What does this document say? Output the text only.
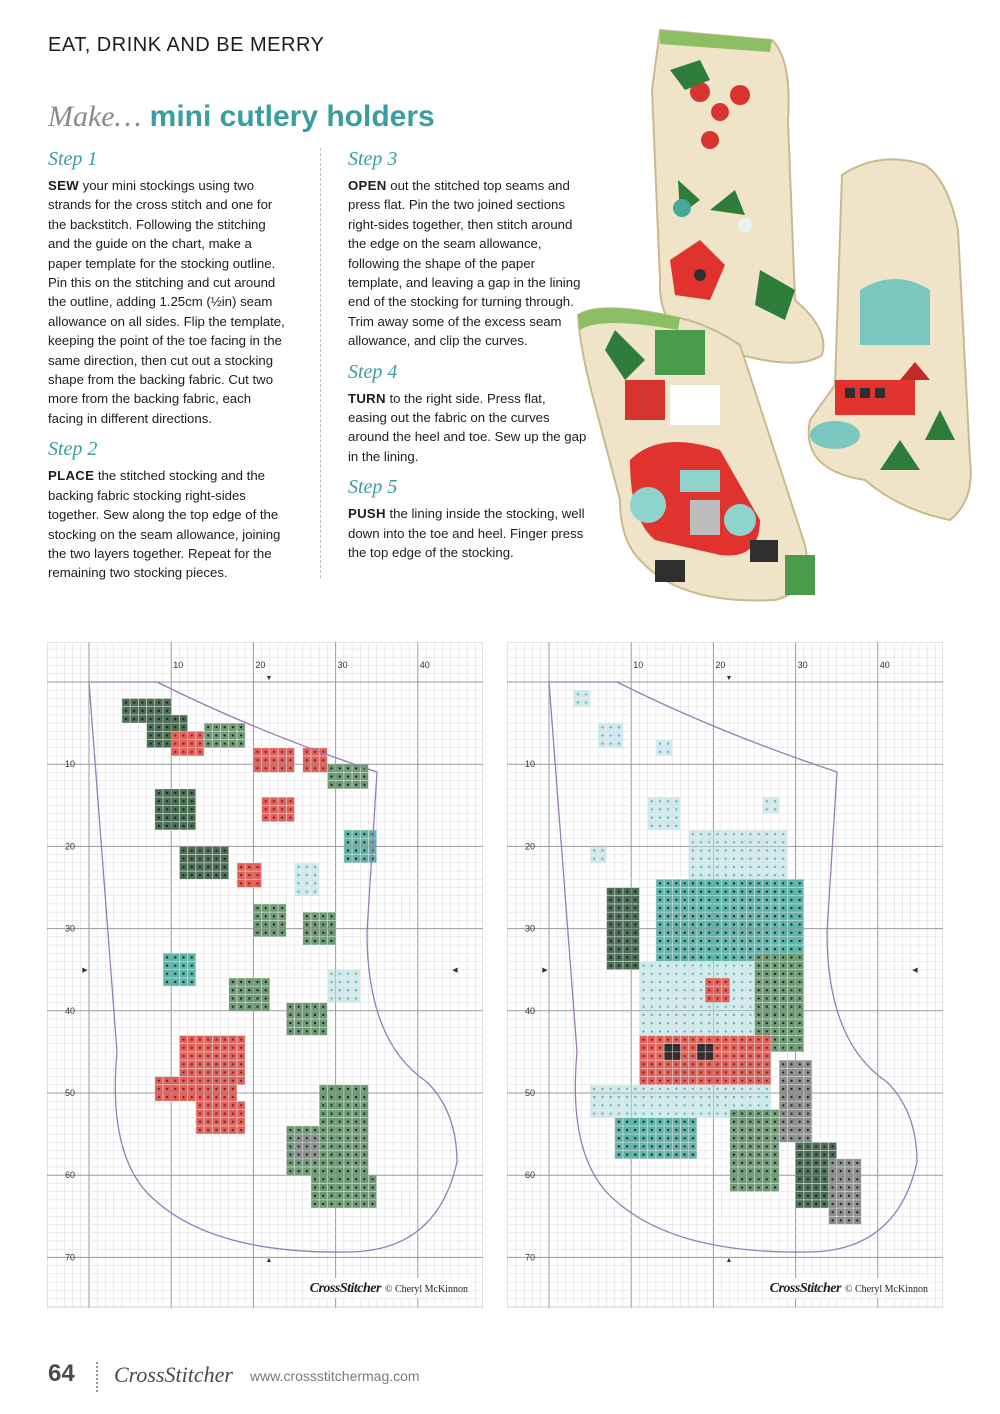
EAT, DRINK AND BE MERRY
Make… mini cutlery holders
Step 1

SEW your mini stockings using two strands for the cross stitch and one for the backstitch. Following the stitching and the guide on the chart, make a paper template for the stocking outline. Pin this on the stitching and cut around the outline, adding 1.25cm (½in) seam allowance on all sides. Flip the template, keeping the point of the toe facing in the same direction, then cut out a stocking shape from the backing fabric. Cut two more from the backing fabric, each facing in different directions.

Step 2

PLACE the stitched stocking and the backing fabric stocking right-sides together. Sew along the top edge of the stocking on the seam allowance, joining the two layers together. Repeat for the remaining two stocking pieces.

Step 3

OPEN out the stitched top seams and press flat. Pin the two joined sections right-sides together, then stitch around the edge on the seam allowance, following the shape of the paper template, and leaving a gap in the lining end of the stocking for turning through. Trim away some of the excess seam allowance, and clip the curves.

Step 4

TURN to the right side. Press flat, easing out the fabric on the curves around the heel and toe. Sew up the gap in the lining.

Step 5

PUSH the lining inside the stocking, well down into the toe and heel. Finger press the top edge of the stocking.

10	20	30	40
10
20
30
40
50
60
70
▼
▲
▶	◀
CrossStitcher © Cheryl McKinnon
10	20	30	40
10
20
30
40
50
60
70
▼
▲
▶	◀
CrossStitcher © Cheryl McKinnon
64 CrossStitcher www.crossstitchermag.com
